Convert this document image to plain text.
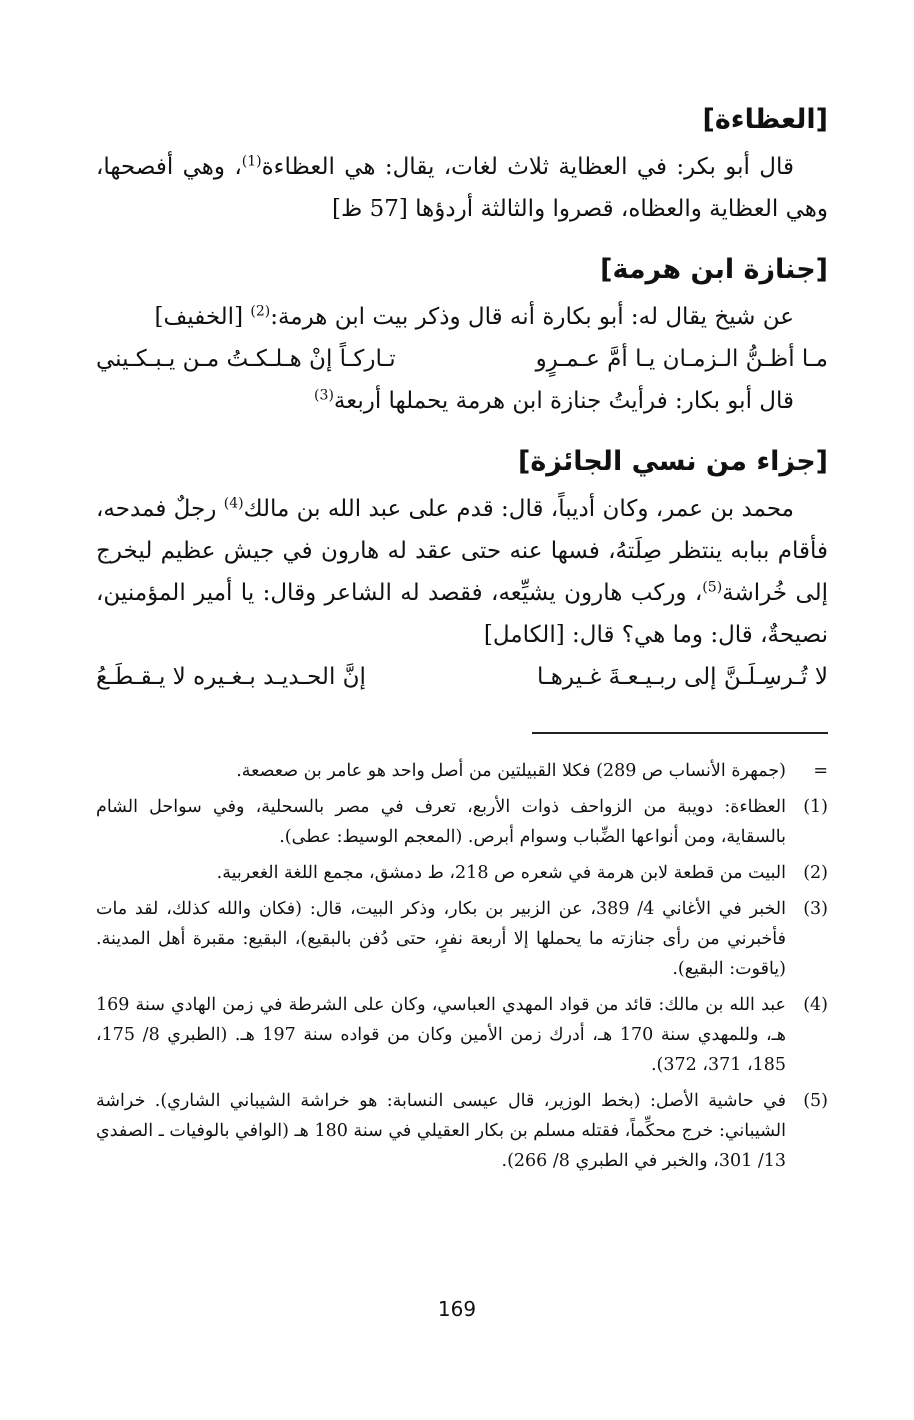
[العظاءة]

قال أبو بكر: في العظاية ثلاث لغات، يقال: هي العظاءة$^{(1)}$، وهي أفصحها، وهي العظاية والعظاه، قصروا والثالثة أردؤها [57 ظ]

[جنازة ابن هرمة]

عن شيخ يقال له: أبو بكارة أنه قال وذكر بيت ابن هرمة:$^{(2)}$ [الخفيف]

مـا أظـنُّ الـزمـان يـا أمَّ عـمـرٍو
تـاركـاً إنْ هـلـكـتُ مـن يـبـكـيني

قال أبو بكار: فرأيتُ جنازة ابن هرمة يحملها أربعة$^{(3)}$

[جزاء من نسي الجائزة]

محمد بن عمر، وكان أديباً، قال: قدم على عبد الله بن مالك$^{(4)}$ رجلٌ فمدحه، فأقام ببابه ينتظر صِلَتهُ، فسها عنه حتى عقد له هارون في جيش عظيم ليخرج إلى خُراشة$^{(5)}$، وركب هارون يشيِّعه، فقصد له الشاعر وقال: يا أمير المؤمنين، نصيحةٌ، قال: وما هي؟ قال: [الكامل]

لا تُـرسِـلَـنَّ إلى ربـيـعـةَ غـيرهـا
إنَّ الحـديـد بـغـيره لا يـقـطَـعُ
=
(جمهرة الأنساب ص 289) فكلا القبيلتين من أصل واحد هو عامر بن صعصعة.
(1)
العظاءة: دويبة من الزواحف ذوات الأربع، تعرف في مصر بالسحلية، وفي سواحل الشام بالسقاية، ومن أنواعها الضِّباب وسوام أبرص. (المعجم الوسيط: عطى).
(2)
البيت من قطعة لابن هرمة في شعره ص 218، ط دمشق، مجمع اللغة الغعربية.
(3)
الخبر في الأغاني 4/ 389، عن الزبير بن بكار، وذكر البيت، قال: (فكان والله كذلك، لقد مات فأخبرني من رأى جنازته ما يحملها إلا أربعة نفرٍ، حتى دُفن بالبقيع)، البقيع: مقبرة أهل المدينة. (ياقوت: البقيع).
(4)
عبد الله بن مالك: قائد من قواد المهدي العباسي، وكان على الشرطة في زمن الهادي سنة 169 هـ، وللمهدي سنة 170 هـ، أدرك زمن الأمين وكان من قواده سنة 197 هـ. (الطبري 8/ 175، 185، 371، 372).
(5)
في حاشية الأصل: (بخط الوزير، قال عيسى النسابة: هو خراشة الشيباني الشاري). خراشة الشيباني: خرج محكِّماً، فقتله مسلم بن بكار العقيلي في سنة 180 هـ (الوافي بالوفيات ـ الصفدي 13/ 301، والخبر في الطبري 8/ 266).
169
